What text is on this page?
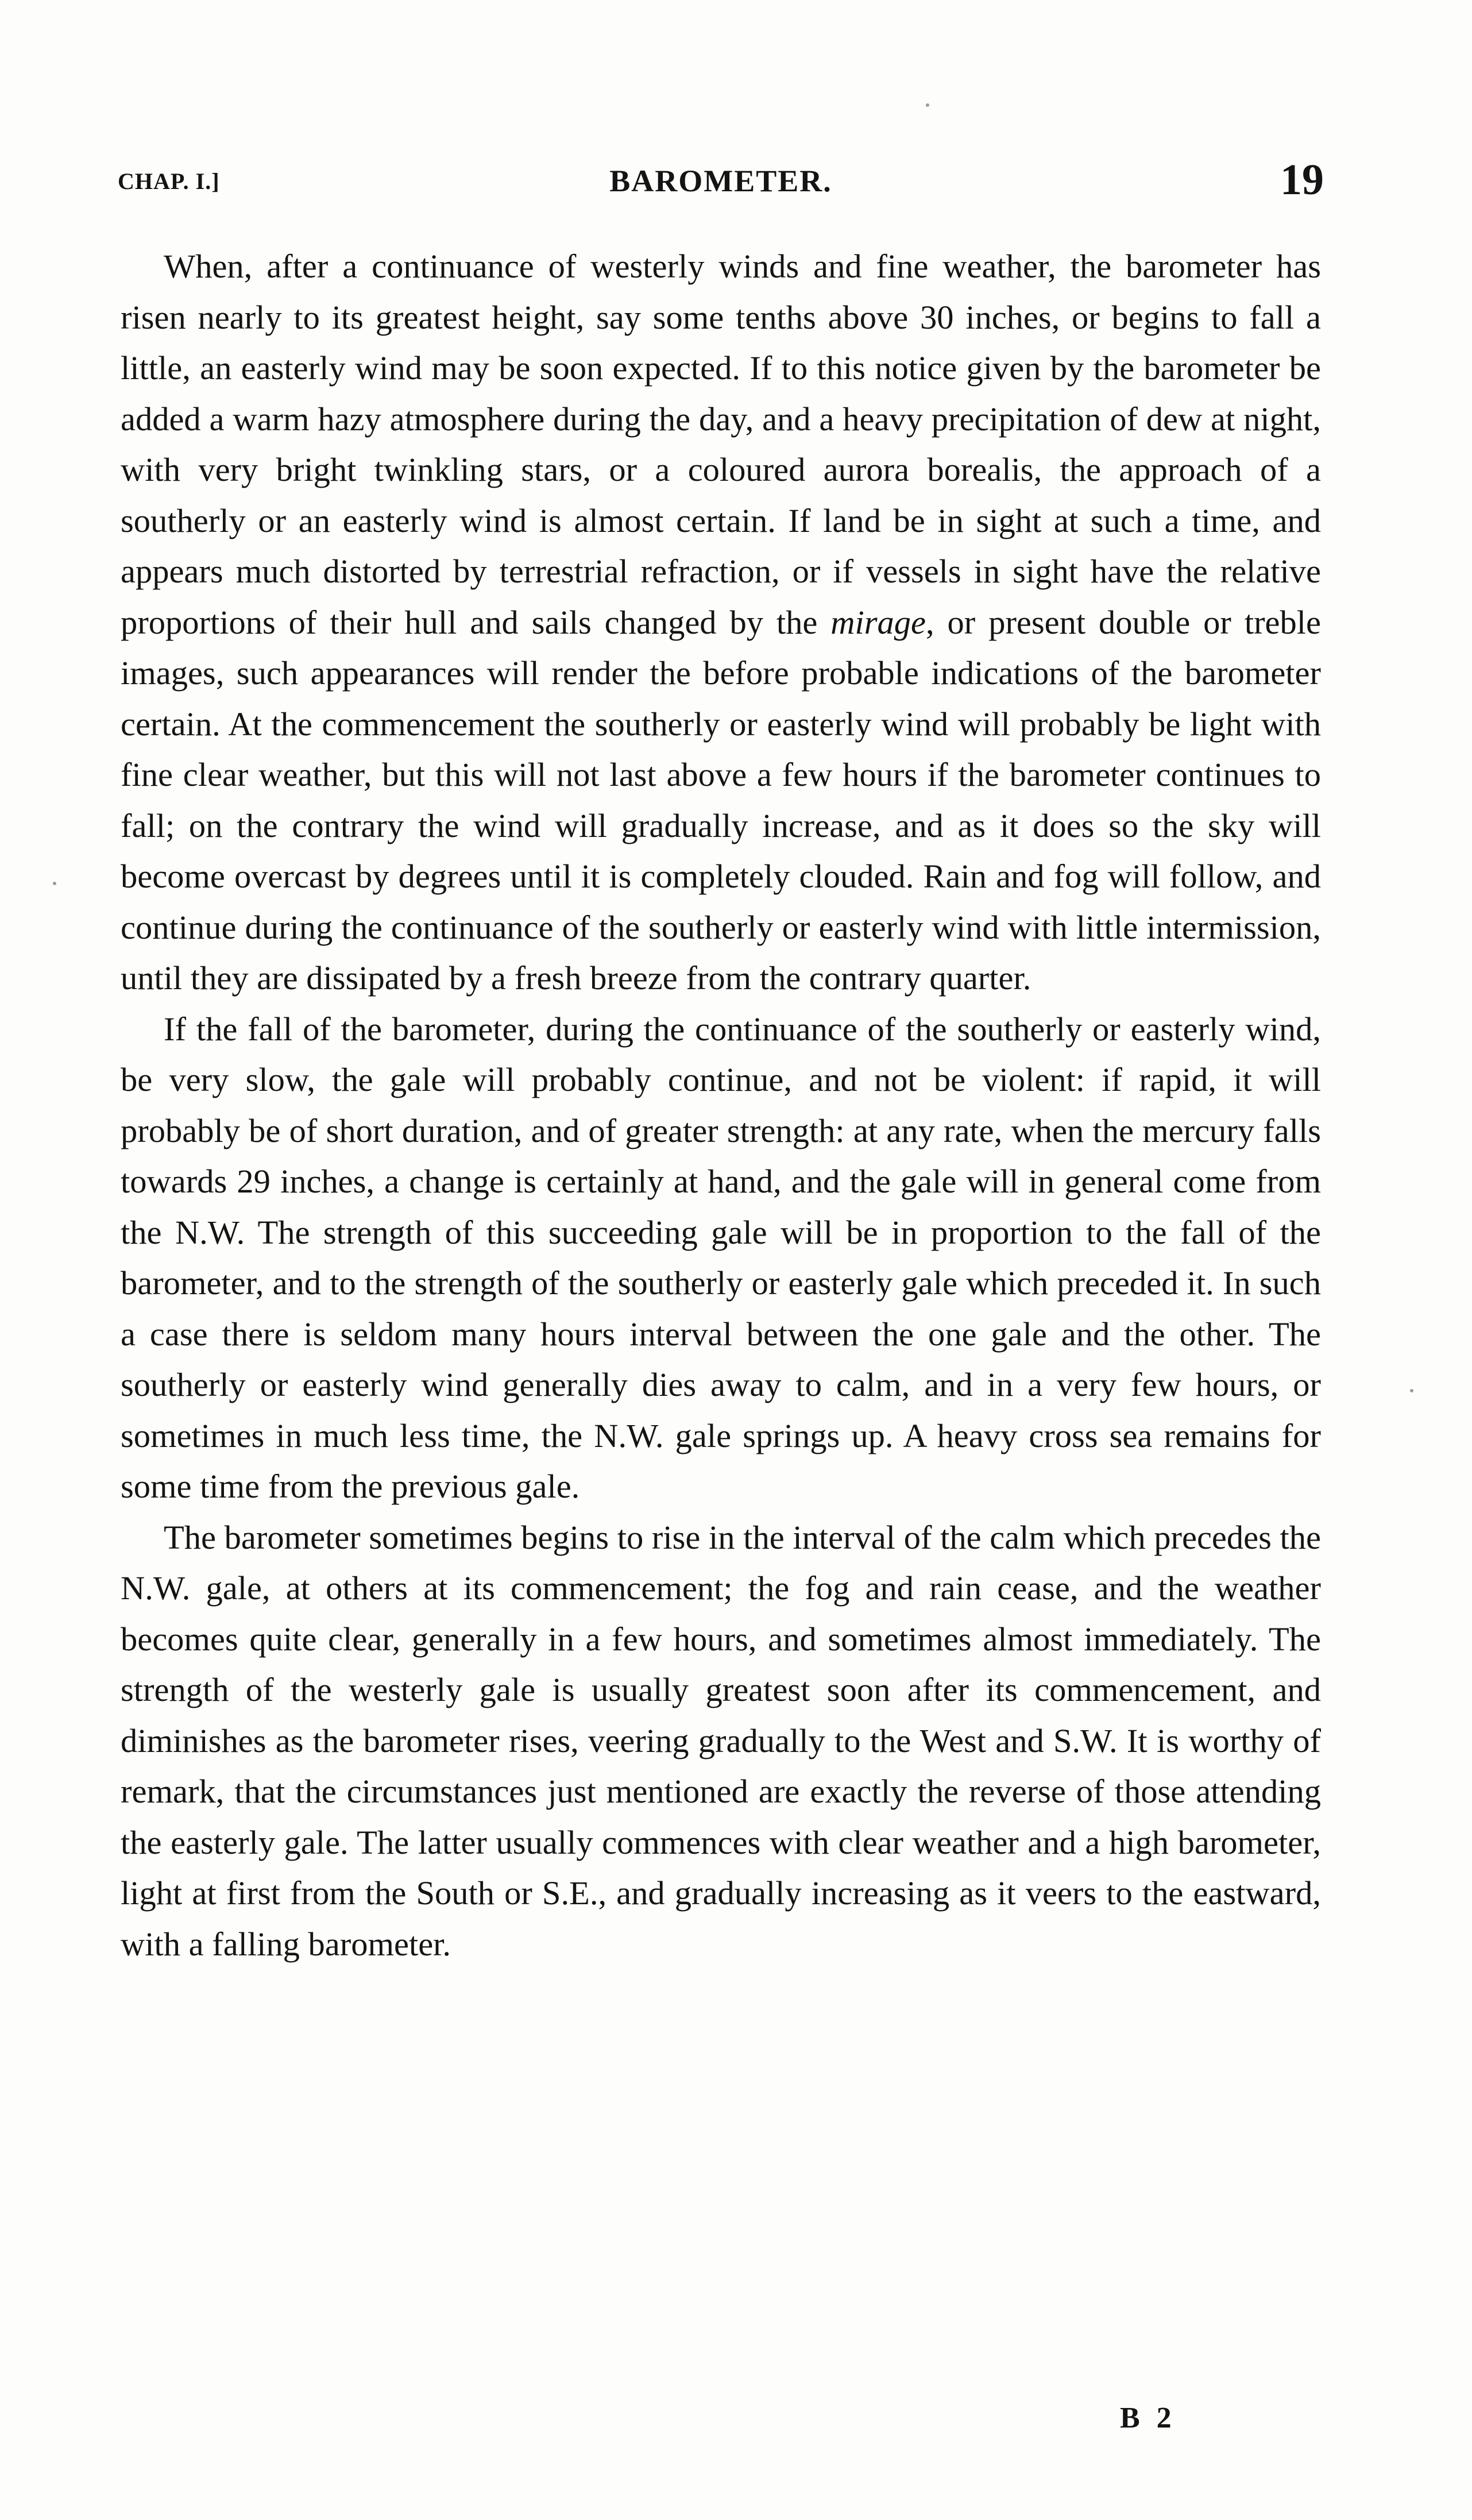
CHAP. I.]	BAROMETER.	19

When, after a continuance of westerly winds and fine weather, the barometer has risen nearly to its greatest height, say some tenths above 30 inches, or begins to fall a little, an easterly wind may be soon expected. If to this notice given by the barometer be added a warm hazy atmosphere during the day, and a heavy precipitation of dew at night, with very bright twinkling stars, or a coloured aurora borealis, the approach of a southerly or an easterly wind is almost certain. If land be in sight at such a time, and appears much distorted by terrestrial refraction, or if vessels in sight have the relative proportions of their hull and sails changed by the mirage, or present double or treble images, such appearances will render the before probable indications of the barometer certain. At the commencement the southerly or easterly wind will probably be light with fine clear weather, but this will not last above a few hours if the barometer continues to fall; on the contrary the wind will gradually increase, and as it does so the sky will become overcast by degrees until it is completely clouded. Rain and fog will follow, and continue during the continuance of the southerly or easterly wind with little intermission, until they are dissipated by a fresh breeze from the contrary quarter.

If the fall of the barometer, during the continuance of the southerly or easterly wind, be very slow, the gale will probably continue, and not be violent: if rapid, it will probably be of short duration, and of greater strength: at any rate, when the mercury falls towards 29 inches, a change is certainly at hand, and the gale will in general come from the N.W. The strength of this succeeding gale will be in proportion to the fall of the barometer, and to the strength of the southerly or easterly gale which preceded it. In such a case there is seldom many hours interval between the one gale and the other. The southerly or easterly wind generally dies away to calm, and in a very few hours, or sometimes in much less time, the N.W. gale springs up. A heavy cross sea remains for some time from the previous gale.

The barometer sometimes begins to rise in the interval of the calm which precedes the N.W. gale, at others at its commencement; the fog and rain cease, and the weather becomes quite clear, generally in a few hours, and sometimes almost immediately. The strength of the westerly gale is usually greatest soon after its commencement, and diminishes as the barometer rises, veering gradually to the West and S.W. It is worthy of remark, that the circumstances just mentioned are exactly the reverse of those attending the easterly gale. The latter usually commences with clear weather and a high barometer, light at first from the South or S.E., and gradually increasing as it veers to the eastward, with a falling barometer.

B 2
